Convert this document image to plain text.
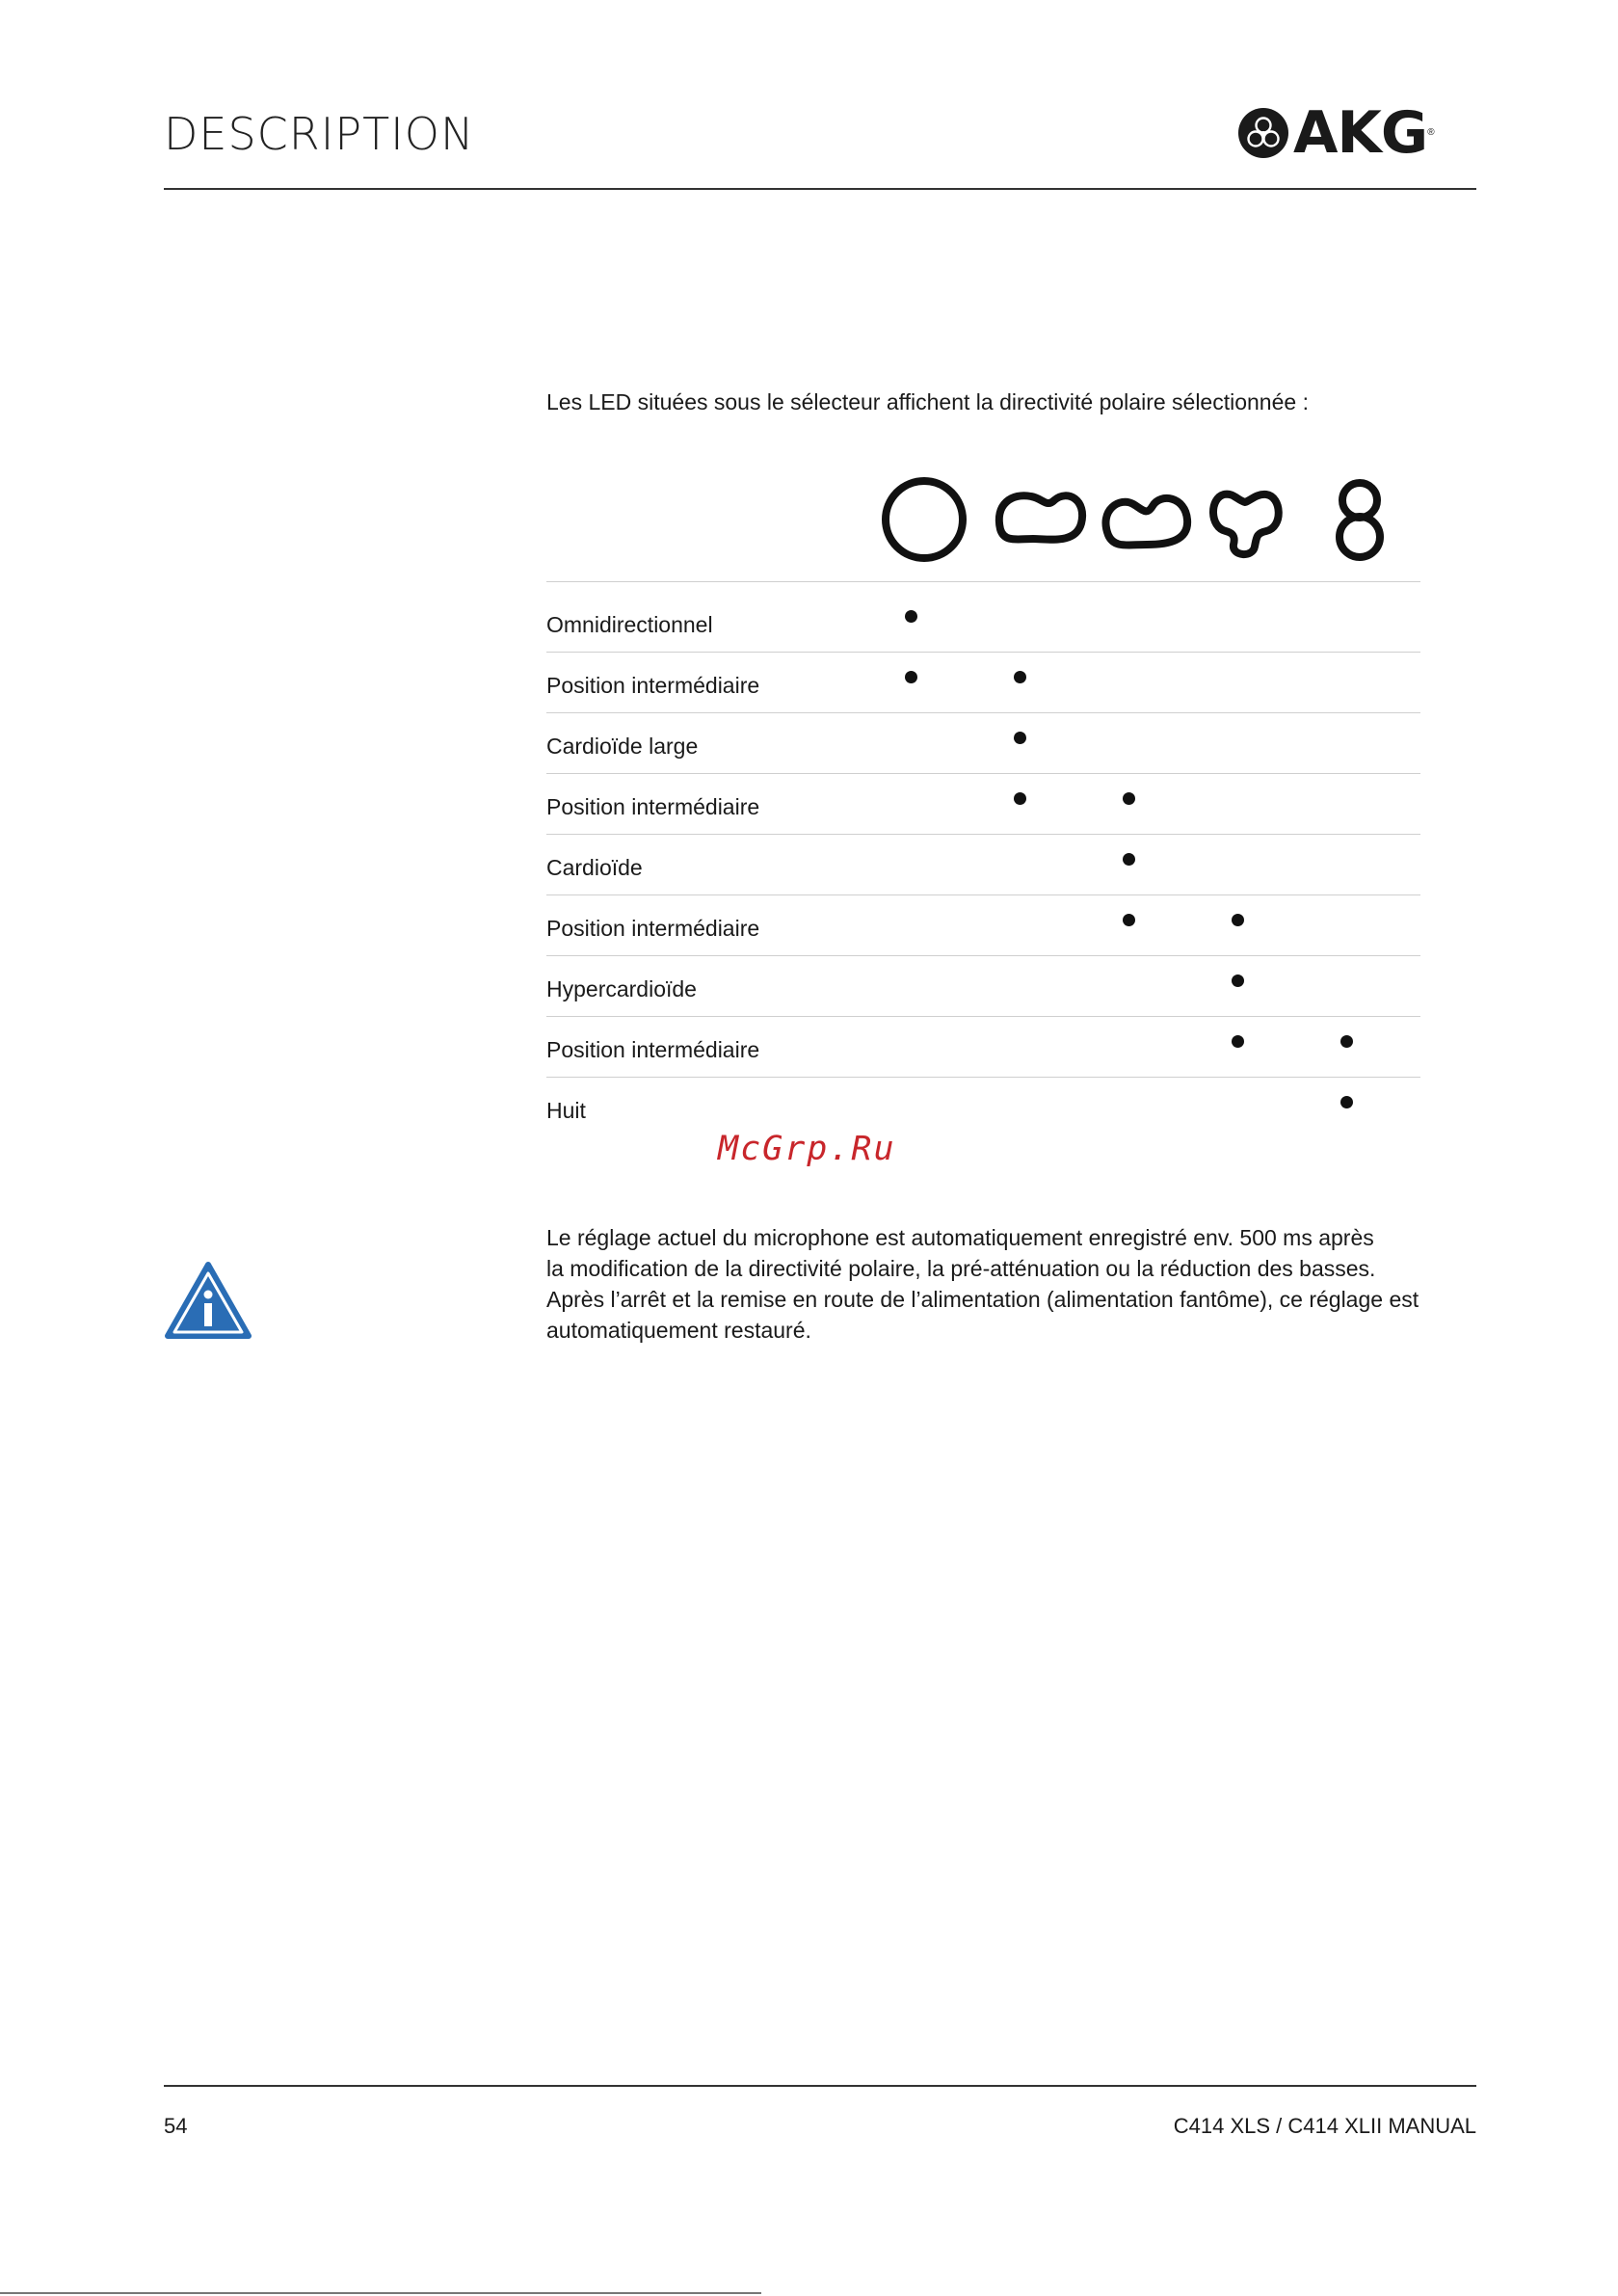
DESCRIPTION	AKG ®
Les LED situées sous le sélecteur affichent la directivité polaire sélectionnée :
Omnidirectionnel
Position intermédiaire
Cardioïde large
Position intermédiaire
Cardioïde
Position intermédiaire
Hypercardioïde
Position intermédiaire
Huit
McGrp.Ru

Le réglage actuel du microphone est automatiquement enregistré env. 500 ms après

la modification de la directivité polaire, la pré-atténuation ou la réduction des basses.

Après l’arrêt et la remise en route de l’alimentation (alimentation fantôme), ce réglage est

automatiquement restauré.

54	C414 XLS / C414 XLII MANUAL
